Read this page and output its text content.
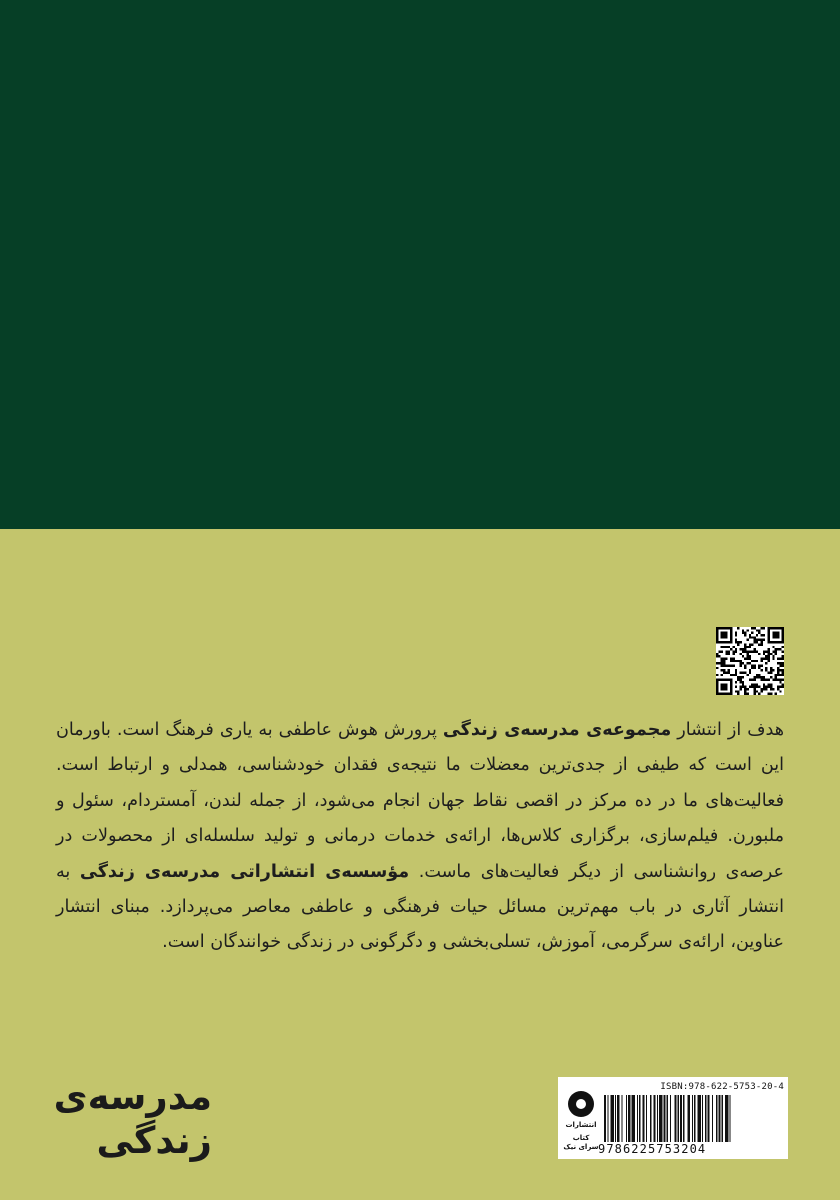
هدف از انتشار مجموعه‌ی مدرسه‌ی زندگی پرورش هوش عاطفی به یاری فرهنگ است. باورمان این است که طیفی از جدی‌ترین معضلات ما نتیجه‌ی فقدان خودشناسی، همدلی و ارتباط است. فعالیت‌های ما در ده مرکز در اقصی نقاط جهان انجام می‌شود، از جمله لندن، آمستردام، سئول و ملبورن. فیلم‌سازی، برگزاری کلاس‌ها، ارائه‌ی خدمات درمانی و تولید سلسله‌ای از محصولات در عرصه‌ی روانشناسی از دیگر فعالیت‌های ماست. مؤسسه‌ی انتشاراتی مدرسه‌ی زندگی به انتشار آثاری در باب مهم‌ترین مسائل حیات فرهنگی و عاطفی معاصر می‌پردازد. مبنای انتشار عناوین، ارائه‌ی سرگرمی، آموزش، تسلی‌بخشی و دگرگونی در زندگی خوانندگان است.

مدرسه‌ی
زندگی	انتشارات
کتاب سرای نیک
ISBN:978-622-5753-20-4
9786225753204
